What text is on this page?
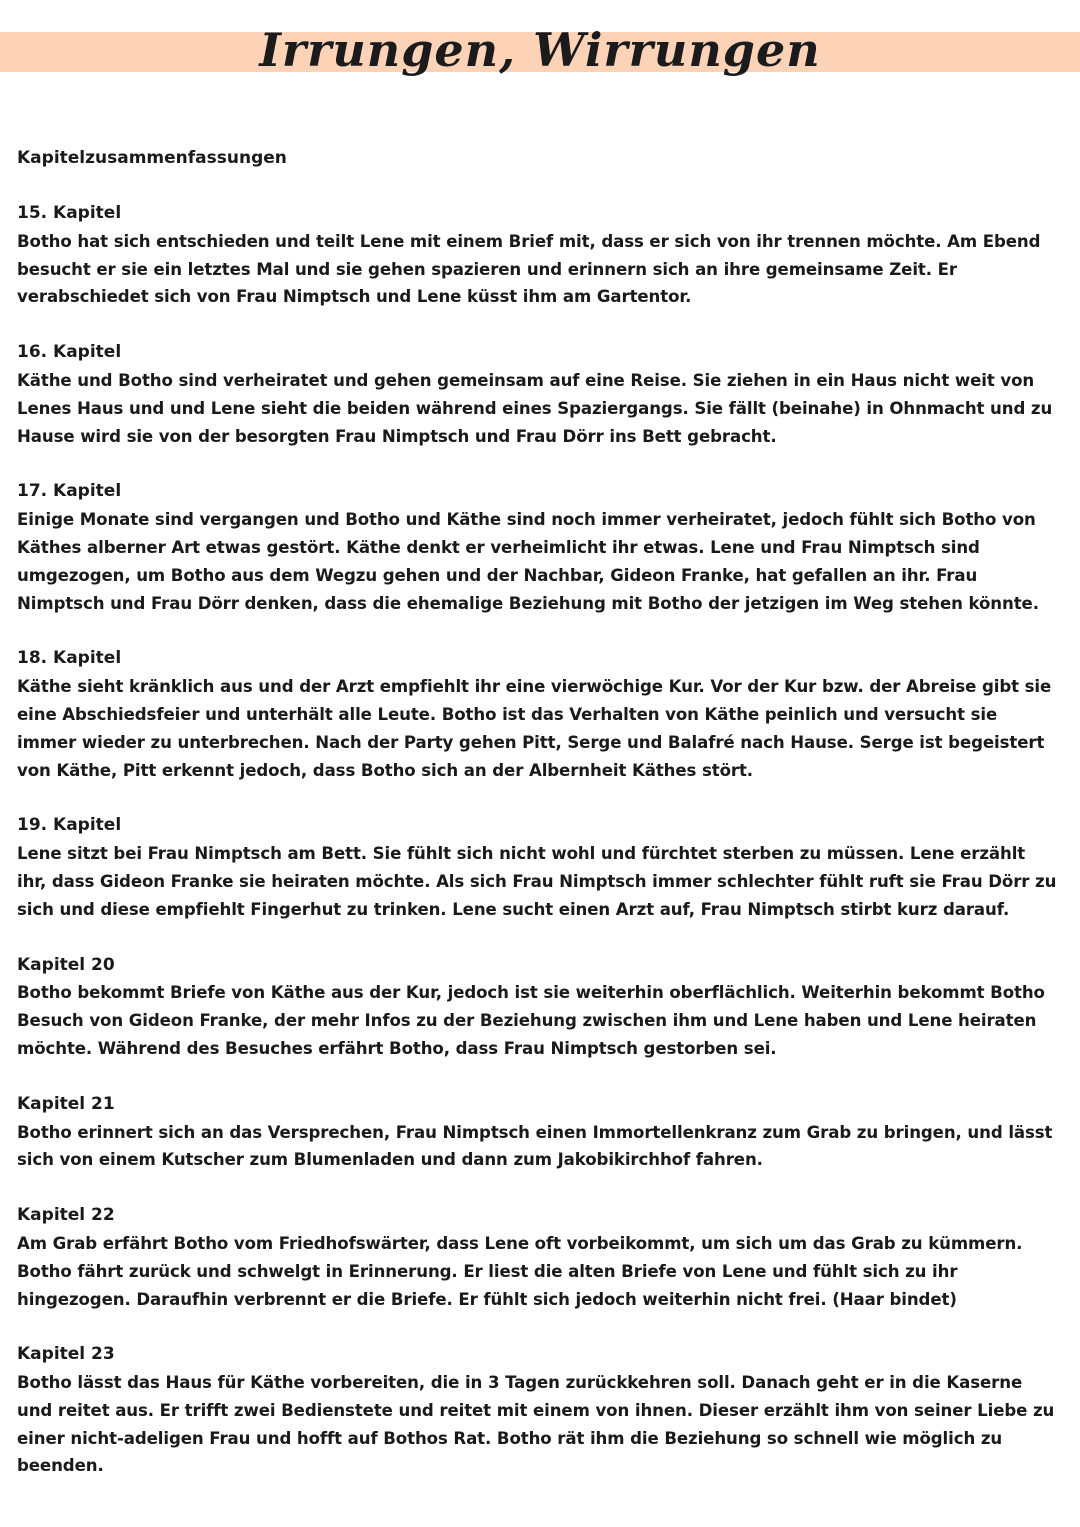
Irrungen, Wirrungen

Kapitelzusammenfassungen

15. Kapitel

Botho hat sich entschieden und teilt Lene mit einem Brief mit, dass er sich von ihr trennen möchte. Am Ebend besucht er sie ein letztes Mal und sie gehen spazieren und erinnern sich an ihre gemeinsame Zeit. Er verabschiedet sich von Frau Nimptsch und Lene küsst ihm am Gartentor.

16. Kapitel

Käthe und Botho sind verheiratet und gehen gemeinsam auf eine Reise. Sie ziehen in ein Haus nicht weit von Lenes Haus und und Lene sieht die beiden während eines Spaziergangs. Sie fällt (beinahe) in Ohnmacht und zu Hause wird sie von der besorgten Frau Nimptsch und Frau Dörr ins Bett gebracht.

17. Kapitel

Einige Monate sind vergangen und Botho und Käthe sind noch immer verheiratet, jedoch fühlt sich Botho von Käthes alberner Art etwas gestört. Käthe denkt er verheimlicht ihr etwas. Lene und Frau Nimptsch sind umgezogen, um Botho aus dem Wegzu gehen und der Nachbar, Gideon Franke, hat gefallen an ihr. Frau Nimptsch und Frau Dörr denken, dass die ehemalige Beziehung mit Botho der jetzigen im Weg stehen könnte.

18. Kapitel

Käthe sieht kränklich aus und der Arzt empfiehlt ihr eine vierwöchige Kur. Vor der Kur bzw. der Abreise gibt sie eine Abschiedsfeier und unterhält alle Leute. Botho ist das Verhalten von Käthe peinlich und versucht sie immer wieder zu unterbrechen. Nach der Party gehen Pitt, Serge und Balafré nach Hause. Serge ist begeistert von Käthe, Pitt erkennt jedoch, dass Botho sich an der Albernheit Käthes stört.

19. Kapitel

Lene sitzt bei Frau Nimptsch am Bett. Sie fühlt sich nicht wohl und fürchtet sterben zu müssen. Lene erzählt ihr, dass Gideon Franke sie heiraten möchte. Als sich Frau Nimptsch immer schlechter fühlt ruft sie Frau Dörr zu sich und diese empfiehlt Fingerhut zu trinken. Lene sucht einen Arzt auf, Frau Nimptsch stirbt kurz darauf.

Kapitel 20

Botho bekommt Briefe von Käthe aus der Kur, jedoch ist sie weiterhin oberflächlich. Weiterhin bekommt Botho Besuch von Gideon Franke, der mehr Infos zu der Beziehung zwischen ihm und Lene haben und Lene heiraten möchte. Während des Besuches erfährt Botho, dass Frau Nimptsch gestorben sei.

Kapitel 21

Botho erinnert sich an das Versprechen, Frau Nimptsch einen Immortellenkranz zum Grab zu bringen, und lässt sich von einem Kutscher zum Blumenladen und dann zum Jakobikirchhof fahren.

Kapitel 22

Am Grab erfährt Botho vom Friedhofswärter, dass Lene oft vorbeikommt, um sich um das Grab zu kümmern. Botho fährt zurück und schwelgt in Erinnerung. Er liest die alten Briefe von Lene und fühlt sich zu ihr hingezogen. Daraufhin verbrennt er die Briefe. Er fühlt sich jedoch weiterhin nicht frei. (Haar bindet)

Kapitel 23

Botho lässt das Haus für Käthe vorbereiten, die in 3 Tagen zurückkehren soll. Danach geht er in die Kaserne und reitet aus. Er trifft zwei Bedienstete und reitet mit einem von ihnen. Dieser erzählt ihm von seiner Liebe zu einer nicht-adeligen Frau und hofft auf Bothos Rat. Botho rät ihm die Beziehung so schnell wie möglich zu beenden.
